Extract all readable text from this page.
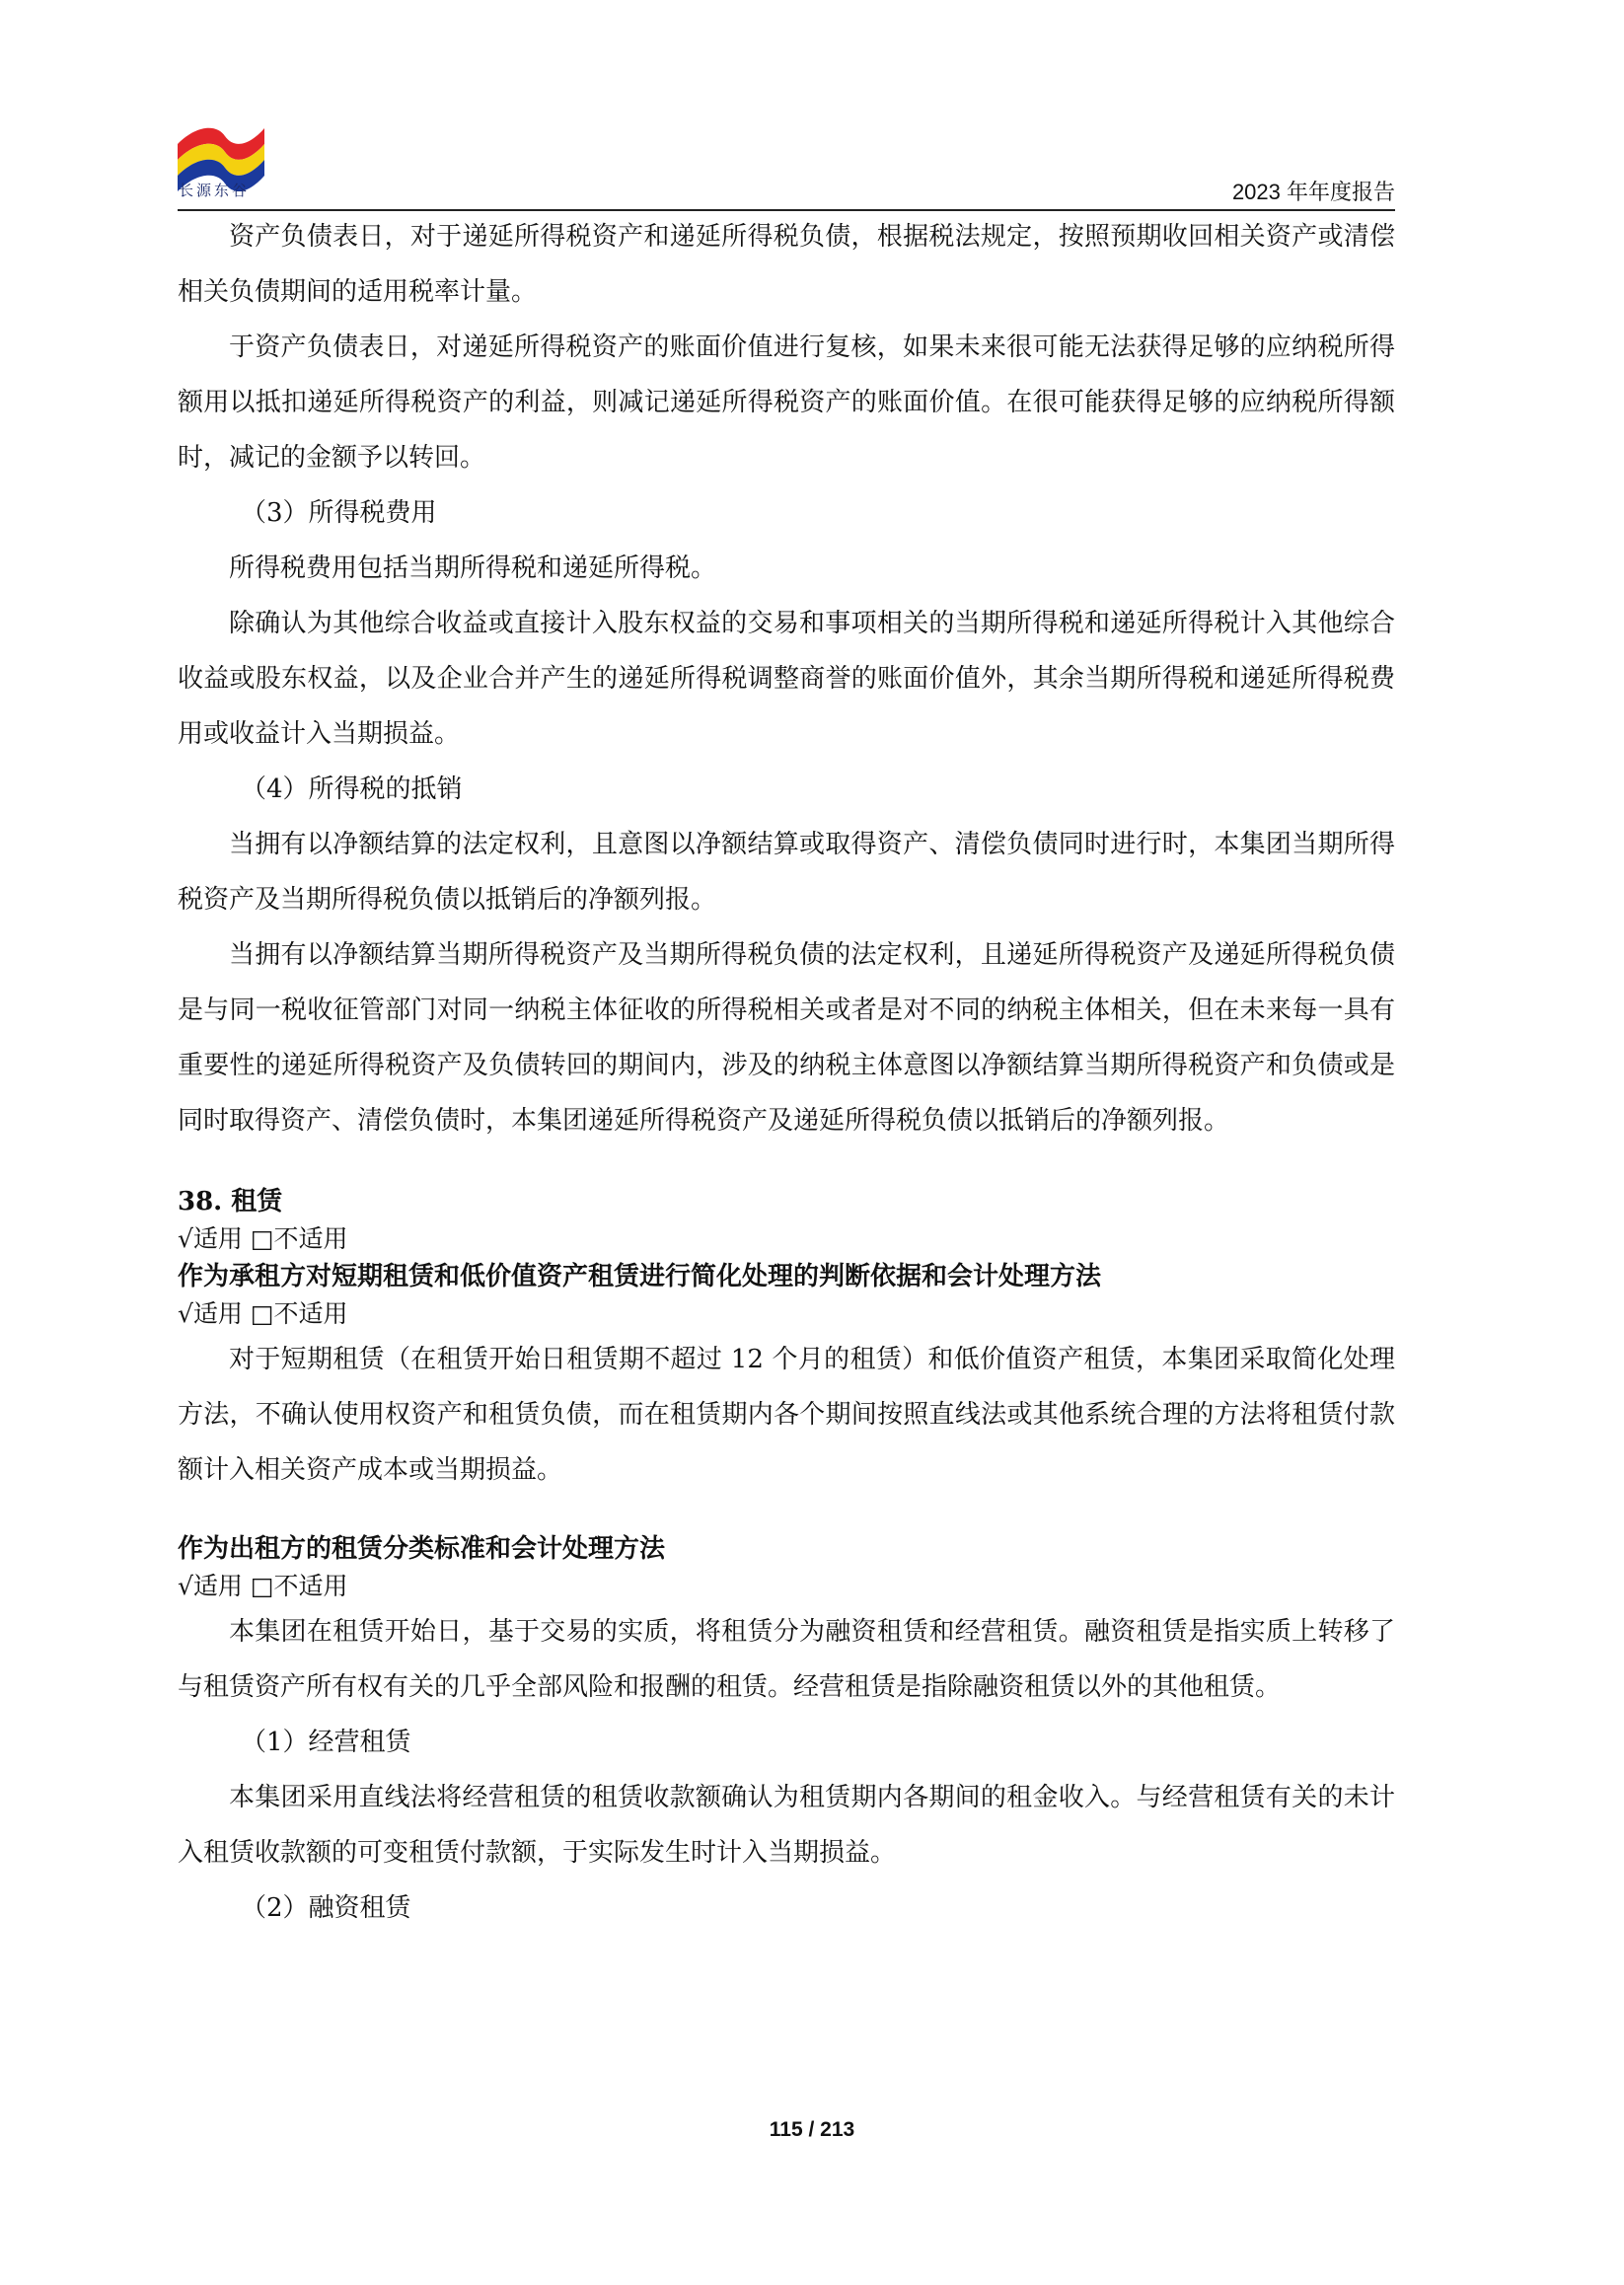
长源东谷	2023 年年度报告

资产负债表日，对于递延所得税资产和递延所得税负债，根据税法规定，按照预期收回相关资产或清偿相关负债期间的适用税率计量。

于资产负债表日，对递延所得税资产的账面价值进行复核，如果未来很可能无法获得足够的应纳税所得额用以抵扣递延所得税资产的利益，则减记递延所得税资产的账面价值。在很可能获得足够的应纳税所得额时，减记的金额予以转回。

（3）所得税费用

所得税费用包括当期所得税和递延所得税。

除确认为其他综合收益或直接计入股东权益的交易和事项相关的当期所得税和递延所得税计入其他综合收益或股东权益，以及企业合并产生的递延所得税调整商誉的账面价值外，其余当期所得税和递延所得税费用或收益计入当期损益。

（4）所得税的抵销

当拥有以净额结算的法定权利，且意图以净额结算或取得资产、清偿负债同时进行时，本集团当期所得税资产及当期所得税负债以抵销后的净额列报。

当拥有以净额结算当期所得税资产及当期所得税负债的法定权利，且递延所得税资产及递延所得税负债是与同一税收征管部门对同一纳税主体征收的所得税相关或者是对不同的纳税主体相关，但在未来每一具有重要性的递延所得税资产及负债转回的期间内，涉及的纳税主体意图以净额结算当期所得税资产和负债或是同时取得资产、清偿负债时，本集团递延所得税资产及递延所得税负债以抵销后的净额列报。

38. 租赁

√适用 □不适用

作为承租方对短期租赁和低价值资产租赁进行简化处理的判断依据和会计处理方法

√适用 □不适用

对于短期租赁（在租赁开始日租赁期不超过 12 个月的租赁）和低价值资产租赁，本集团采取简化处理方法，不确认使用权资产和租赁负债，而在租赁期内各个期间按照直线法或其他系统合理的方法将租赁付款额计入相关资产成本或当期损益。

作为出租方的租赁分类标准和会计处理方法

√适用 □不适用

本集团在租赁开始日，基于交易的实质，将租赁分为融资租赁和经营租赁。融资租赁是指实质上转移了与租赁资产所有权有关的几乎全部风险和报酬的租赁。经营租赁是指除融资租赁以外的其他租赁。

（1）经营租赁

本集团采用直线法将经营租赁的租赁收款额确认为租赁期内各期间的租金收入。与经营租赁有关的未计入租赁收款额的可变租赁付款额，于实际发生时计入当期损益。

（2）融资租赁

115 / 213
